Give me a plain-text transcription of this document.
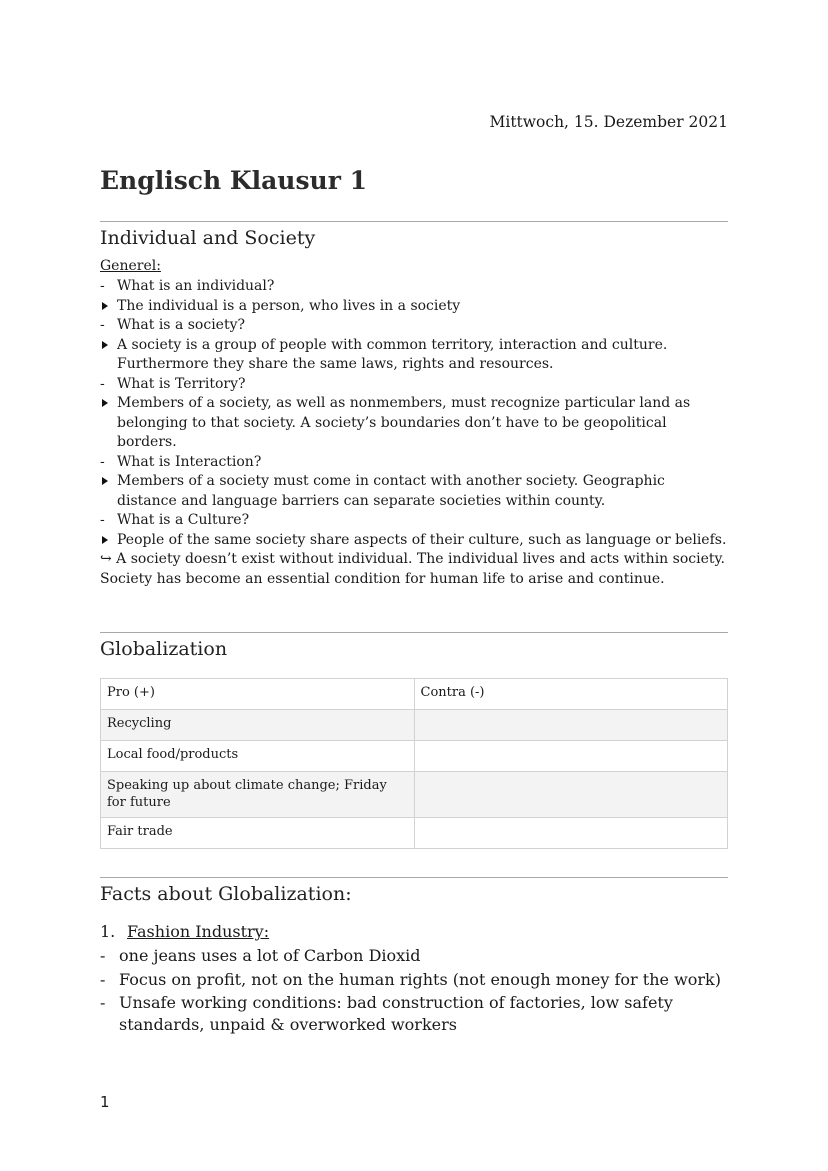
Mittwoch, 15. Dezember 2021
Englisch Klausur 1
Individual and Society
Generel:
-
What is an individual?
The individual is a person, who lives in a society
-
What is a society?
A society is a group of people with common territory, interaction and culture. Furthermore they share the same laws, rights and resources.
-
What is Territory?
Members of a society, as well as nonmembers, must recognize particular land as belonging to that society. A society’s boundaries don’t have to be geopolitical borders.
-
What is Interaction?
Members of a society must come in contact with another society. Geographic distance and language barriers can separate societies within county.
-
What is a Culture?
People of the same society share aspects of their culture, such as language or beliefs.

↪ A society doesn’t exist without individual. The individual lives and acts within society. Society has become an essential condition for human life to arise and continue.

Globalization
Pro (+)	Contra (-)
Recycling	
Local food/products	
Speaking up about climate change; Friday for future	
Fair trade	
Facts about Globalization:
1. Fashion Industry:
-
one jeans uses a lot of Carbon Dioxid
-
Focus on profit, not on the human rights (not enough money for the work)
-
Unsafe working conditions: bad construction of factories, low safety standards, unpaid & overworked workers
1
